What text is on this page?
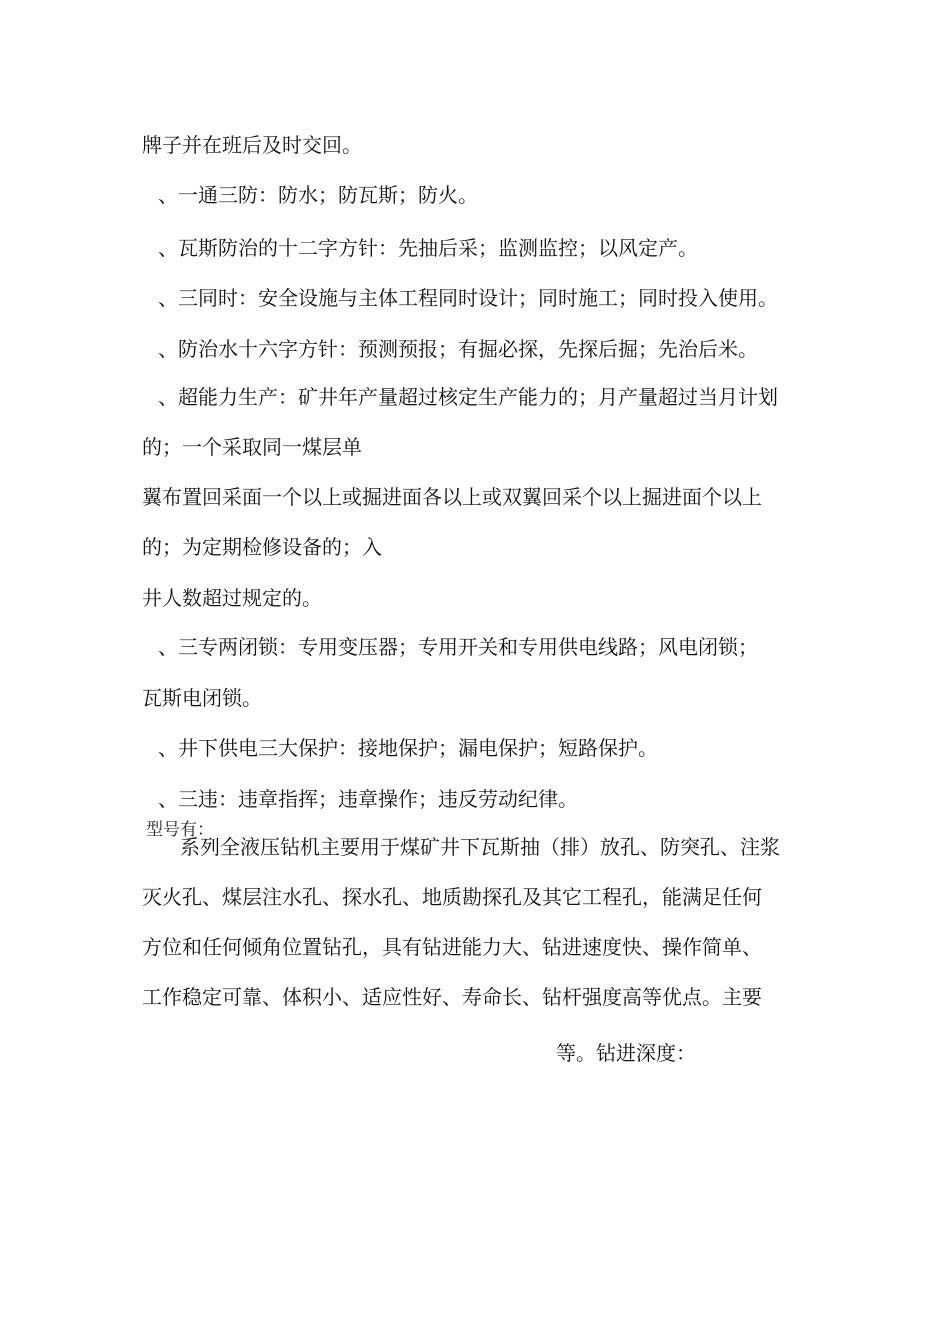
牌子并在班后及时交回。
、一通三防：防水；防瓦斯；防火。
、瓦斯防治的十二字方针：先抽后采；监测监控；以风定产。
、三同时：安全设施与主体工程同时设计；同时施工；同时投入使用。
、防治水十六字方针：预测预报；有掘必探，先探后掘；先治后米。
、超能力生产：矿井年产量超过核定生产能力的；月产量超过当月计划
的；一个采取同一煤层单
翼布置回采面一个以上或掘进面各以上或双翼回采个以上掘进面个以上
的；为定期检修设备的；入
井人数超过规定的。
、三专两闭锁：专用变压器；专用开关和专用供电线路；风电闭锁；
瓦斯电闭锁。
、井下供电三大保护：接地保护；漏电保护；短路保护。
、三违：违章指挥；违章操作；违反劳动纪律。
型号有：
系列全液压钻机主要用于煤矿井下瓦斯抽（排）放孔、防突孔、注浆
灭火孔、煤层注水孔、探水孔、地质勘探孔及其它工程孔，能满足任何
方位和任何倾角位置钻孔，具有钻进能力大、钻进速度快、操作简单、
工作稳定可靠、体积小、适应性好、寿命长、钻杆强度高等优点。主要
等。钻进深度：
